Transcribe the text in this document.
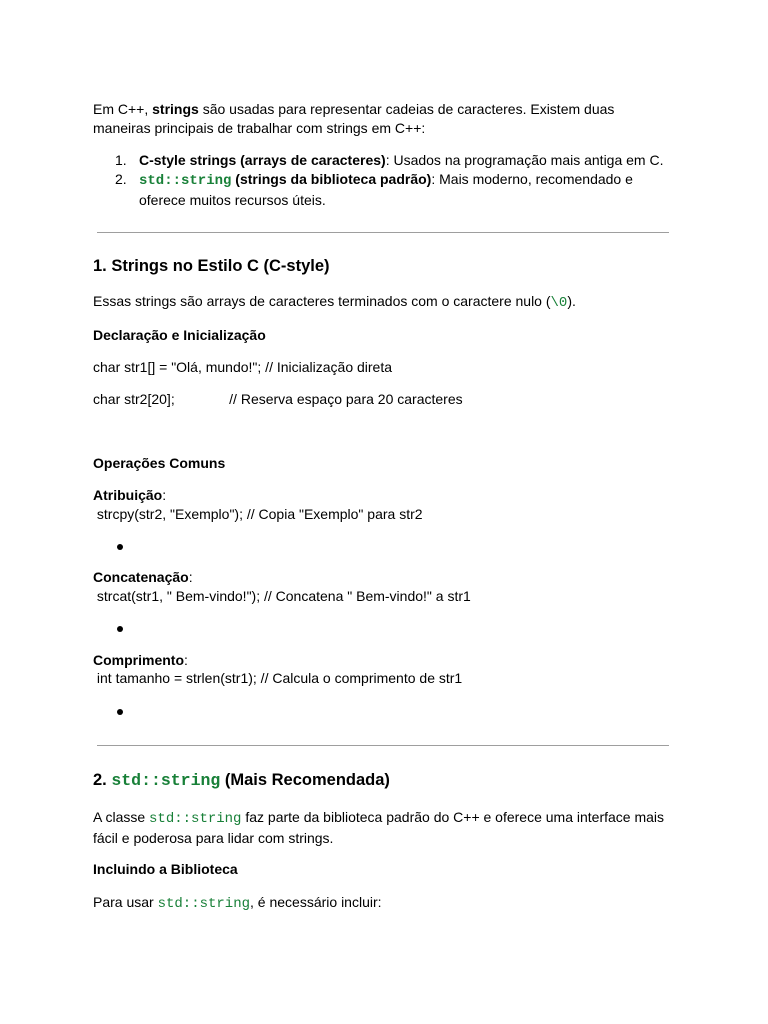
Em C++, strings são usadas para representar cadeias de caracteres. Existem duas maneiras principais de trabalhar com strings em C++:

1. C-style strings (arrays de caracteres): Usados na programação mais antiga em C.
2. std::string (strings da biblioteca padrão): Mais moderno, recomendado e oferece muitos recursos úteis.
1. Strings no Estilo C (C-style)

Essas strings são arrays de caracteres terminados com o caractere nulo (\0).

Declaração e Inicialização

char str1[] = "Olá, mundo!"; // Inicialização direta

char str2[20];              // Reserva espaço para 20 caracteres

Operações Comuns

Atribuição:

strcpy(str2, "Exemplo"); // Copia "Exemplo" para str2

Concatenação:

strcat(str1, " Bem-vindo!"); // Concatena " Bem-vindo!" a str1

Comprimento:

int tamanho = strlen(str1); // Calcula o comprimento de str1

2. std::string (Mais Recomendada)

A classe std::string faz parte da biblioteca padrão do C++ e oferece uma interface mais fácil e poderosa para lidar com strings.

Incluindo a Biblioteca

Para usar std::string, é necessário incluir:
